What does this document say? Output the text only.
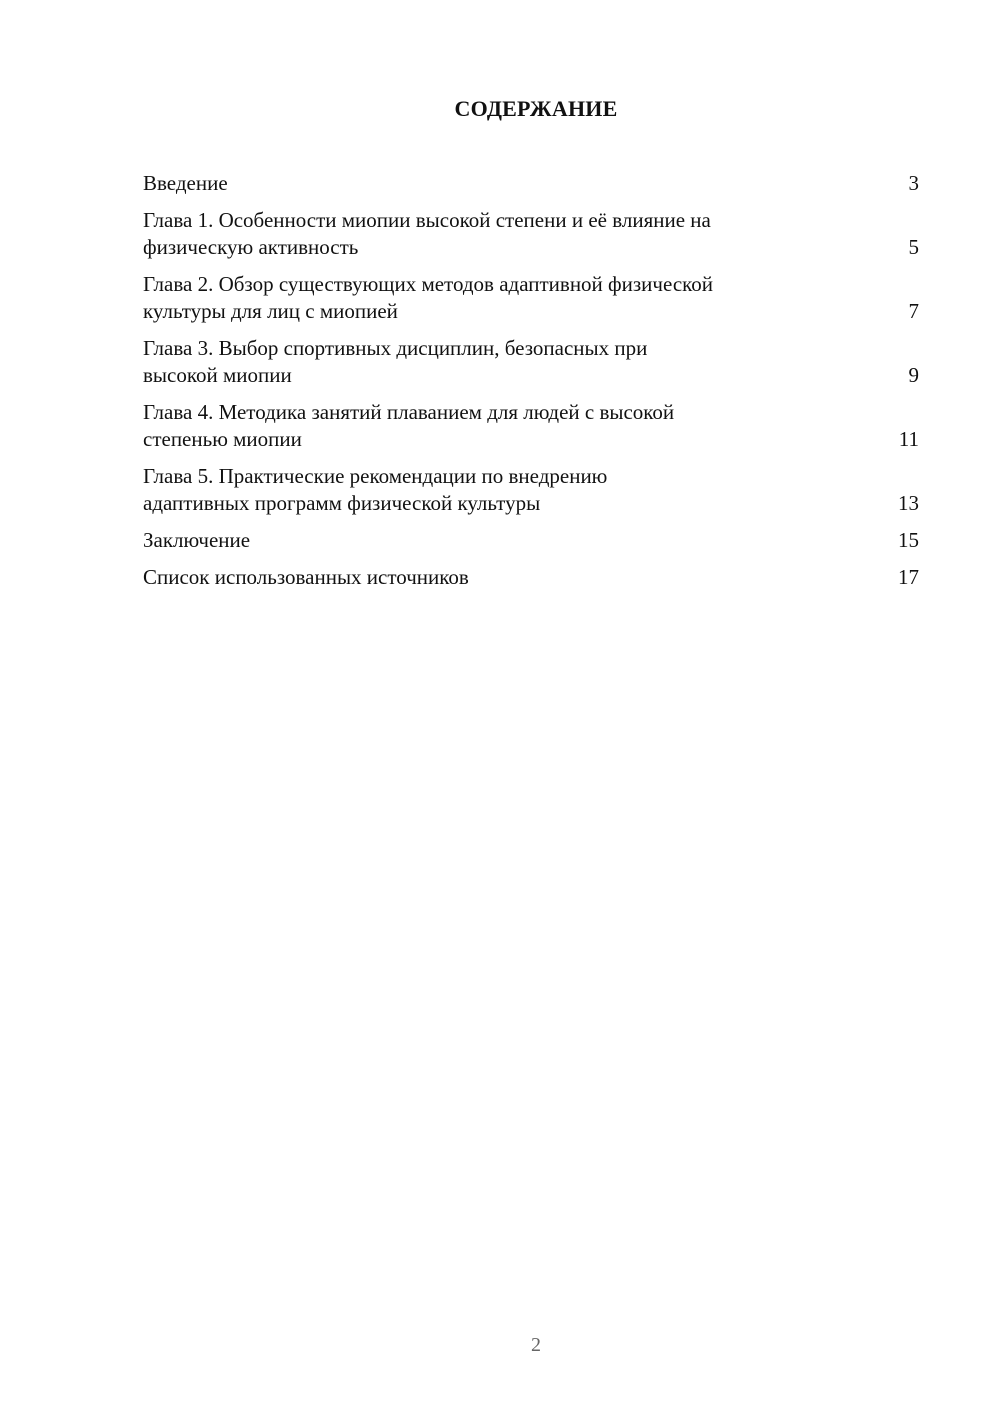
СОДЕРЖАНИЕ
Введение	3
Глава 1. Особенности миопии высокой степени и её влияние на
физическую активность	5
Глава 2. Обзор существующих методов адаптивной физической
культуры для лиц с миопией	7
Глава 3. Выбор спортивных дисциплин, безопасных при
высокой миопии	9
Глава 4. Методика занятий плаванием для людей с высокой
степенью миопии	11
Глава 5. Практические рекомендации по внедрению
адаптивных программ физической культуры	13
Заключение	15
Список использованных источников	17
2
